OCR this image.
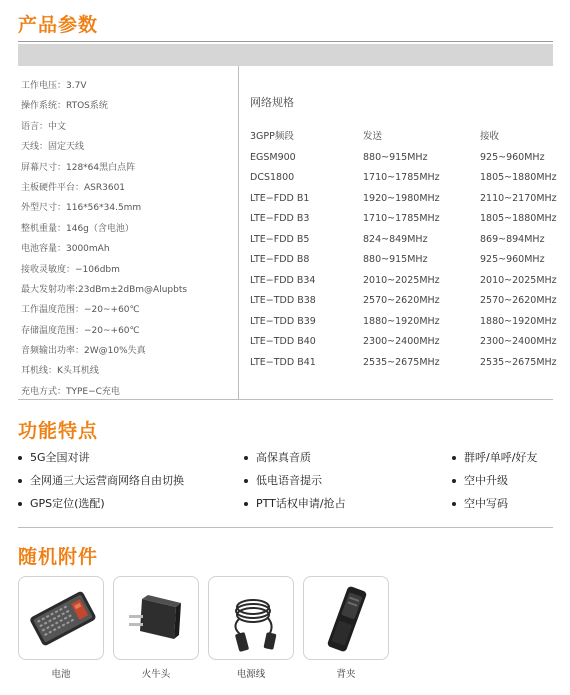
产品参数
工作电压：3.7V
操作系统：RTOS系统
语言：中文
天线：固定天线
屏幕尺寸：128*64黑白点阵
主板硬件平台：ASR3601
外型尺寸：116*56*34.5mm
整机重量：146g（含电池）
电池容量：3000mAh
接收灵敏度：−106dbm
最大发射功率:23dBm±2dBm@Alupbts
工作温度范围：−20~+60℃
存储温度范围：−20~+60℃
音频输出功率：2W@10%失真
耳机线：K头耳机线
充电方式：TYPE−C充电
网络规格
3GPP频段	发送	接收
EGSM900	880~915MHz	925~960MHz
DCS1800	1710~1785MHz	1805~1880MHz
LTE−FDD B1	1920~1980MHz	2110~2170MHz
LTE−FDD B3	1710~1785MHz	1805~1880MHz
LTE−FDD B5	824~849MHz	869~894MHz
LTE−FDD B8	880~915MHz	925~960MHz
LTE−FDD B34	2010~2025MHz	2010~2025MHz
LTE−TDD B38	2570~2620MHz	2570~2620MHz
LTE−TDD B39	1880~1920MHz	1880~1920MHz
LTE−TDD B40	2300~2400MHz	2300~2400MHz
LTE−TDD B41	2535~2675MHz	2535~2675MHz
功能特点
5G全国对讲
全网通三大运营商网络自由切换
GPS定位(选配)
高保真音质
低电语音提示
PTT话权申请/抢占
群呼/单呼/好友
空中升级
空中写码
随机附件
电池	火牛头	电源线	背夹
